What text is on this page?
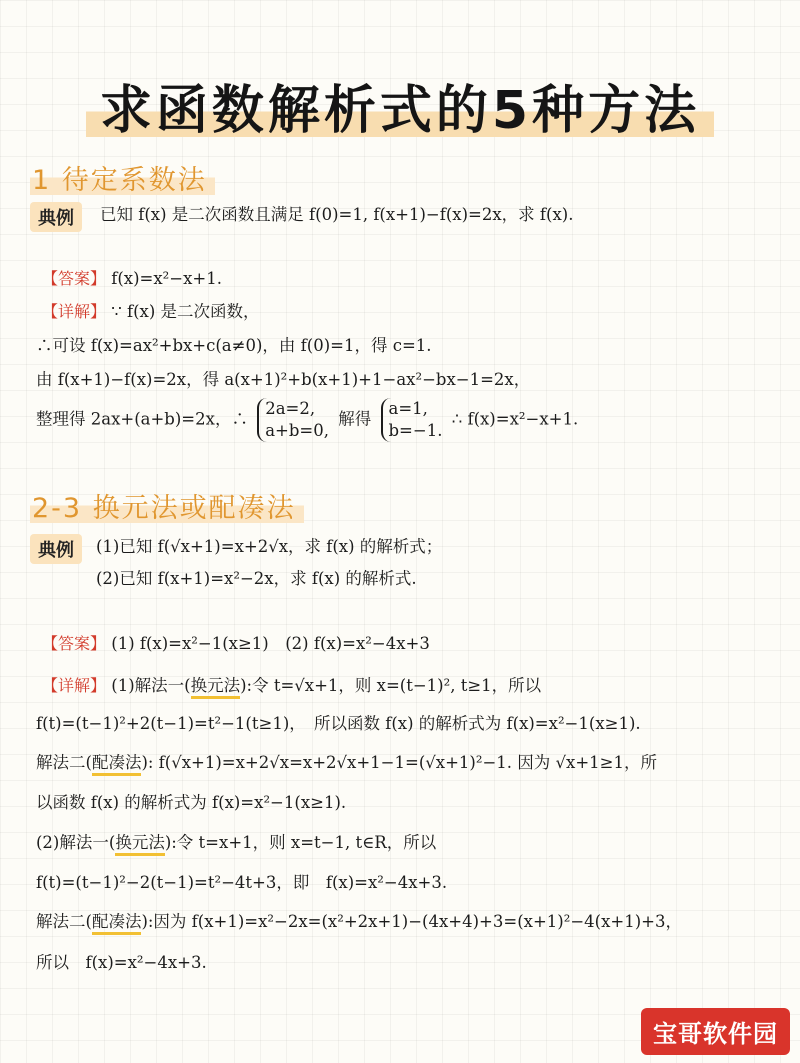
求函数解析式的5种方法
1 待定系数法
典例	已知 f(x) 是二次函数且满足 f(0)=1, f(x+1)−f(x)=2x，求 f(x).
【答案】 f(x)=x²−x+1.
【详解】 ∵ f(x) 是二次函数，
∴可设 f(x)=ax²+bx+c(a≠0)，由 f(0)=1，得 c=1.
由 f(x+1)−f(x)=2x，得 a(x+1)²+b(x+1)+1−ax²−bx−1=2x，
整理得 2ax+(a+b)=2x，∴
2a=2,
a+b=0,
解得
a=1,
b=−1.
∴ f(x)=x²−x+1.
2-3 换元法或配凑法
典例	(1)已知 f(√x+1)=x+2√x，求 f(x) 的解析式；
(2)已知 f(x+1)=x²−2x，求 f(x) 的解析式.
【答案】 (1) f(x)=x²−1(x≥1)　(2) f(x)=x²−4x+3
【详解】 (1)解法一(换元法):令 t=√x+1，则 x=(t−1)², t≥1，所以
f(t)=(t−1)²+2(t−1)=t²−1(t≥1)，　所以函数 f(x) 的解析式为 f(x)=x²−1(x≥1).
解法二(配凑法): f(√x+1)=x+2√x=x+2√x+1−1=(√x+1)²−1. 因为 √x+1≥1，所
以函数 f(x) 的解析式为 f(x)=x²−1(x≥1).
(2)解法一(换元法):令 t=x+1，则 x=t−1, t∈R，所以
f(t)=(t−1)²−2(t−1)=t²−4t+3，即　f(x)=x²−4x+3.
解法二(配凑法):因为 f(x+1)=x²−2x=(x²+2x+1)−(4x+4)+3=(x+1)²−4(x+1)+3，
所以　f(x)=x²−4x+3.
宝哥软件园
